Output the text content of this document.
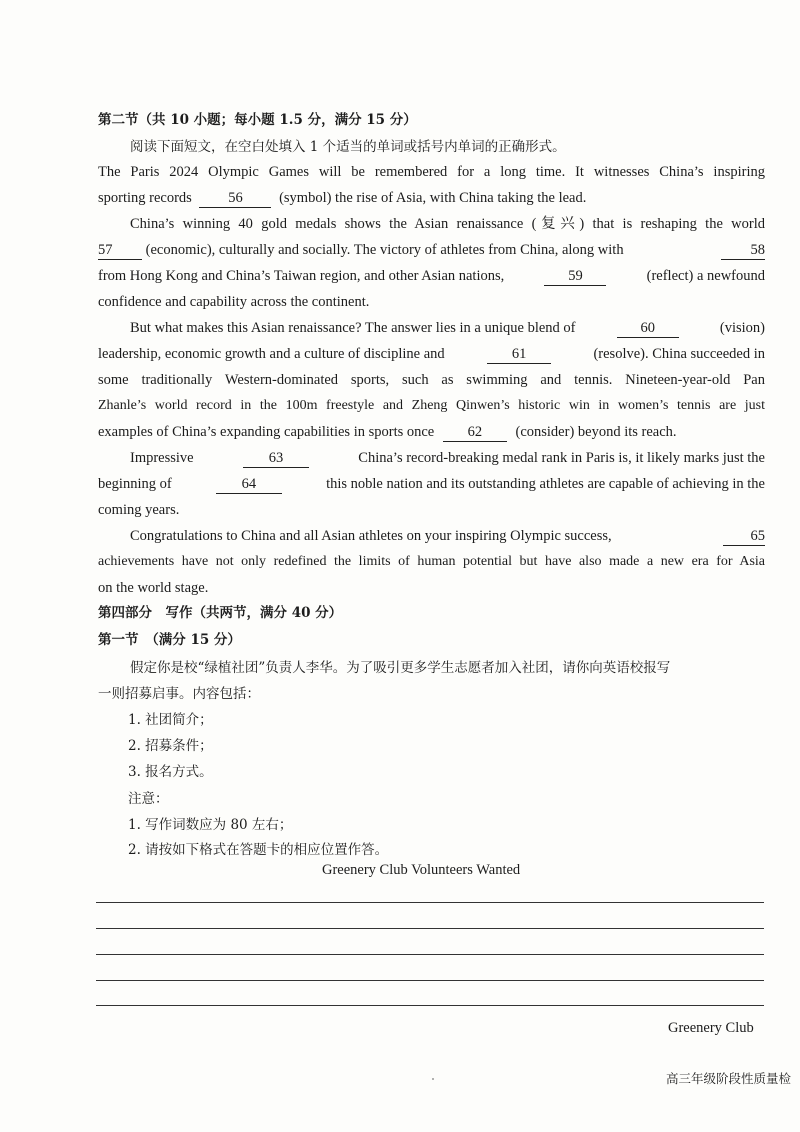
第二节（共 10 小题；每小题 1.5 分，满分 15 分）
阅读下面短文，在空白处填入 1 个适当的单词或括号内单词的正确形式。
The Paris 2024 Olympic Games will be remembered for a long time. It witnesses China’s inspiring
sporting records	56	(symbol) the rise of Asia, with China taking the lead.
China’s winning 40 gold medals shows the Asian renaissance (复兴) that is reshaping the world
57 (economic), culturally and socially. The victory of athletes from China, along with	58
from Hong Kong and China’s Taiwan region, and other Asian nations,	59	(reflect) a newfound
confidence and capability across the continent.
But what makes this Asian renaissance? The answer lies in a unique blend of	60	(vision)
leadership, economic growth and a culture of discipline and	61	(resolve). China succeeded in
some traditionally Western-dominated sports, such as swimming and tennis. Nineteen-year-old Pan
Zhanle’s world record in the 100m freestyle and Zheng Qinwen’s historic win in women’s tennis are just
examples of China’s expanding capabilities in sports once 62 (consider) beyond its reach.
Impressive	63	China’s record-breaking medal rank in Paris is, it likely marks just the
beginning of	64	this noble nation and its outstanding athletes are capable of achieving in the
coming years.
Congratulations to China and all Asian athletes on your inspiring Olympic success,	65
achievements have not only redefined the limits of human potential but have also made a new era for Asia
on the world stage.
第四部分　写作（共两节，满分 40 分）
第一节　（满分 15 分）
假定你是校“绿植社团”负责人李华。为了吸引更多学生志愿者加入社团，请你向英语校报写
一则招募启事。内容包括：
1. 社团简介；
2. 招募条件；
3. 报名方式。
注意：
1. 写作词数应为 80 左右；
2. 请按如下格式在答题卡的相应位置作答。
Greenery Club Volunteers Wanted
Greenery Club
高三年级阶段性质量检
